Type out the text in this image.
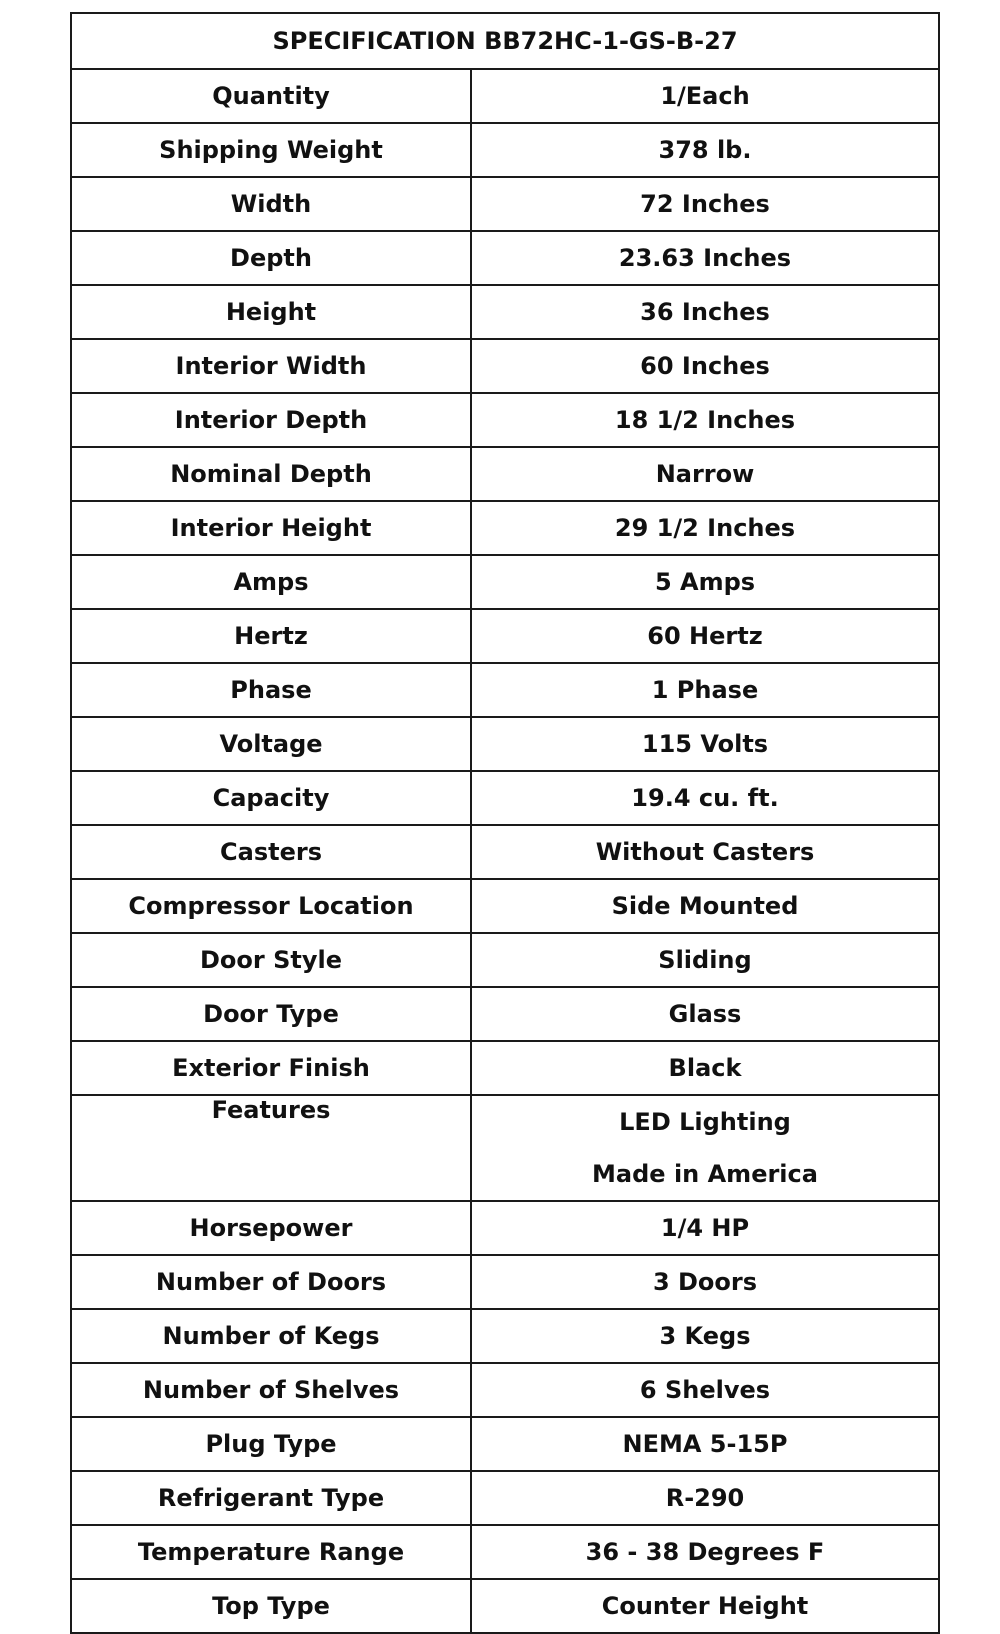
SPECIFICATION BB72HC-1-GS-B-27	
Quantity	1/Each
Shipping Weight	378 lb.
Width	72 Inches
Depth	23.63 Inches
Height	36 Inches
Interior Width	60 Inches
Interior Depth	18 1/2 Inches
Nominal Depth	Narrow
Interior Height	29 1/2 Inches
Amps	5 Amps
Hertz	60 Hertz
Phase	1 Phase
Voltage	115 Volts
Capacity	19.4 cu. ft.
Casters	Without Casters
Compressor Location	Side Mounted
Door Style	Sliding
Door Type	Glass
Exterior Finish	Black
Features	LED Lighting
Made in America

Horsepower	1/4 HP
Number of Doors	3 Doors
Number of Kegs	3 Kegs
Number of Shelves	6 Shelves
Plug Type	NEMA 5-15P
Refrigerant Type	R-290
Temperature Range	36 - 38 Degrees F
Top Type	Counter Height
